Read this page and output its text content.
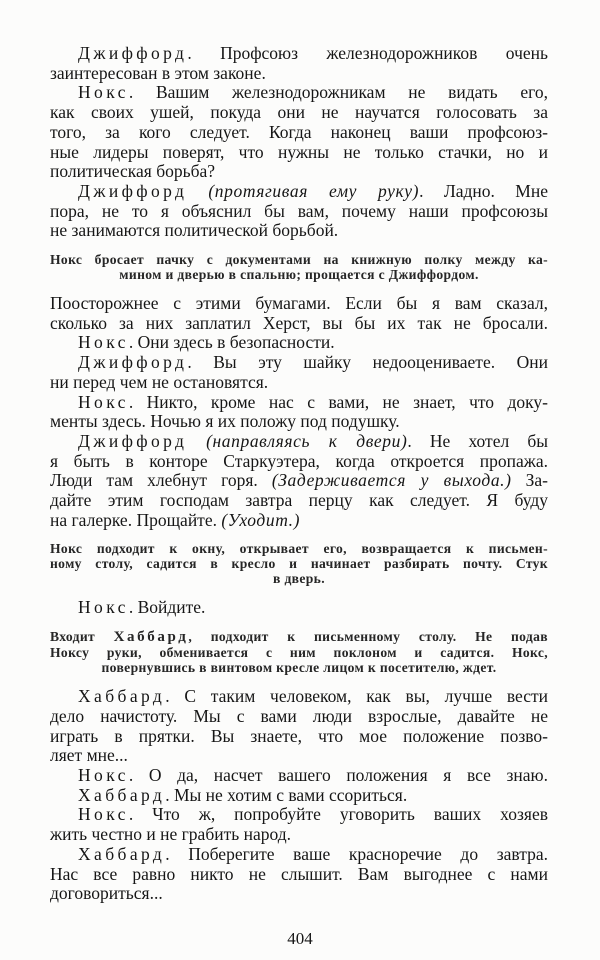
Джиффорд. Профсоюз железнодорожников очень
заинтересован в этом законе.
Нокс. Вашим железнодорожникам не видать его,
как своих ушей, покуда они не научатся голосовать за
того, за кого следует. Когда наконец ваши профсоюз-
ные лидеры поверят, что нужны не только стачки, но и
политическая борьба?
Джиффорд (протягивая ему руку). Ладно. Мне
пора, не то я объяснил бы вам, почему наши профсоюзы
не занимаются политической борьбой.
Нокс бросает пачку с документами на книжную полку между ка-
мином и дверью в спальню; прощается с Джиффордом.
Поосторожнее с этими бумагами. Если бы я вам сказал,
сколько за них заплатил Херст, вы бы их так не бросали.
Нокс. Они здесь в безопасности.
Джиффорд. Вы эту шайку недооцениваете. Они
ни перед чем не остановятся.
Нокс. Никто, кроме нас с вами, не знает, что доку-
менты здесь. Ночью я их положу под подушку.
Джиффорд (направляясь к двери). Не хотел бы
я быть в конторе Старкуэтера, когда откроется пропажа.
Люди там хлебнут горя. (Задерживается у выхода.) За-
дайте этим господам завтра перцу как следует. Я буду
на галерке. Прощайте. (Уходит.)
Нокс подходит к окну, открывает его, возвращается к письмен-
ному столу, садится в кресло и начинает разбирать почту. Стук
в дверь.
Нокс. Войдите.
Входит Хаббард, подходит к письменному столу. Не подав
Ноксу руки, обменивается с ним поклоном и садится. Нокс,
повернувшись в винтовом кресле лицом к посетителю, ждет.
Хаббард. С таким человеком, как вы, лучше вести
дело начистоту. Мы с вами люди взрослые, давайте не
играть в прятки. Вы знаете, что мое положение позво-
ляет мне...
Нокс. О да, насчет вашего положения я все знаю.
Хаббард. Мы не хотим с вами ссориться.
Нокс. Что ж, попробуйте уговорить ваших хозяев
жить честно и не грабить народ.
Хаббард. Поберегите ваше красноречие до завтра.
Нас все равно никто не слышит. Вам выгоднее с нами
договориться...
404
